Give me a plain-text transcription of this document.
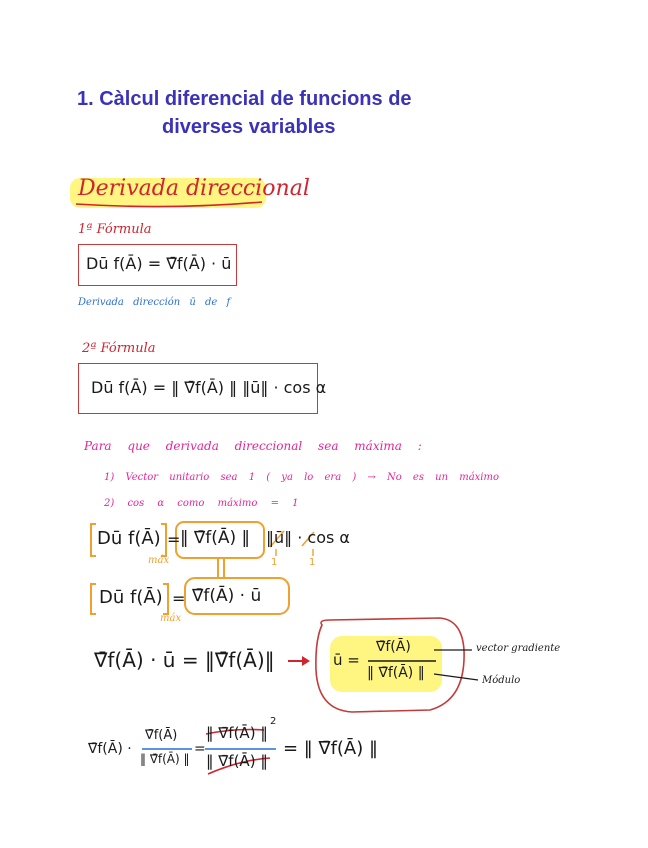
1. Càlcul diferencial de funcions de
diverses variables
Derivada direccional
1ª Fórmula
Dū f(Ā) = ∇̄f(Ā) · ū
Derivada dirección ū de f
2ª Fórmula
Dū f(Ā) = ‖ ∇̄f(Ā) ‖ ‖ū‖ · cos α
Para que derivada direccional sea máxima :
1) Vector unitario sea 1 ( ya lo era ) → No es un máximo
2) cos α como máximo = 1
Dū f(Ā) = ‖ ∇̄f(Ā) ‖ ‖ū‖ · cos α
1	1
máx
Dū f(Ā) = ∇̄f(Ā) · ū
máx
∇̄f(Ā) · ū = ‖∇̄f(Ā)‖	ū =
∇̄f(Ā)
‖ ∇̄f(Ā) ‖
vector gradiente
Módulo
∇̄f(Ā) ·
∇̄f(Ā)
‖ ∇̄f(Ā) ‖
=
‖ ∇̄f(Ā) ‖
2
‖ ∇̄f(Ā) ‖
= ‖ ∇̄f(Ā) ‖
